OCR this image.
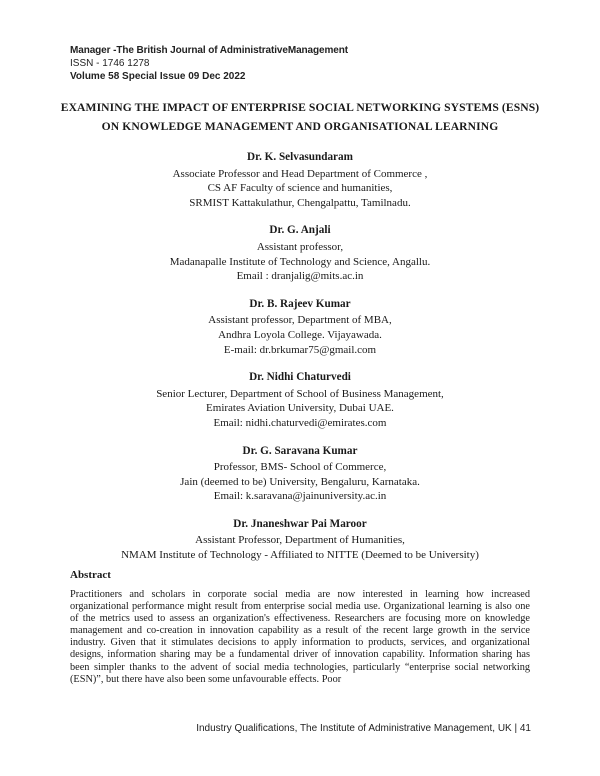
Manager -The British Journal of AdministrativeManagement
ISSN - 1746 1278
Volume 58 Special Issue 09 Dec 2022
EXAMINING THE IMPACT OF ENTERPRISE SOCIAL NETWORKING SYSTEMS (ESNS) ON KNOWLEDGE MANAGEMENT AND ORGANISATIONAL LEARNING
Dr. K. Selvasundaram
Associate Professor and Head Department of Commerce ,
CS AF Faculty of science and humanities,
SRMIST Kattakulathur, Chengalpattu, Tamilnadu.
Dr. G. Anjali
Assistant professor,
Madanapalle Institute of Technology and Science, Angallu.
Email : dranjalig@mits.ac.in
Dr. B. Rajeev Kumar
Assistant professor, Department of MBA,
Andhra Loyola College. Vijayawada.
E-mail: dr.brkumar75@gmail.com
Dr. Nidhi Chaturvedi
Senior Lecturer, Department of School of Business Management,
Emirates Aviation University, Dubai UAE.
Email: nidhi.chaturvedi@emirates.com
Dr. G. Saravana Kumar
Professor, BMS- School of Commerce,
Jain (deemed to be) University, Bengaluru, Karnataka.
Email: k.saravana@jainuniversity.ac.in
Dr. Jnaneshwar Pai Maroor
Assistant Professor, Department of Humanities,
NMAM Institute of Technology - Affiliated to NITTE (Deemed to be University)
Abstract
Practitioners and scholars in corporate social media are now interested in learning how increased organizational performance might result from enterprise social media use. Organizational learning is also one of the metrics used to assess an organization's effectiveness. Researchers are focusing more on knowledge management and co-creation in innovation capability as a result of the recent large growth in the service industry. Given that it stimulates decisions to apply information to products, services, and organizational designs, information sharing may be a fundamental driver of innovation capability. Information sharing has been simpler thanks to the advent of social media technologies, particularly “enterprise social networking (ESN)”, but there have also been some unfavourable effects. Poor
Industry Qualifications, The Institute of Administrative Management, UK | 41
